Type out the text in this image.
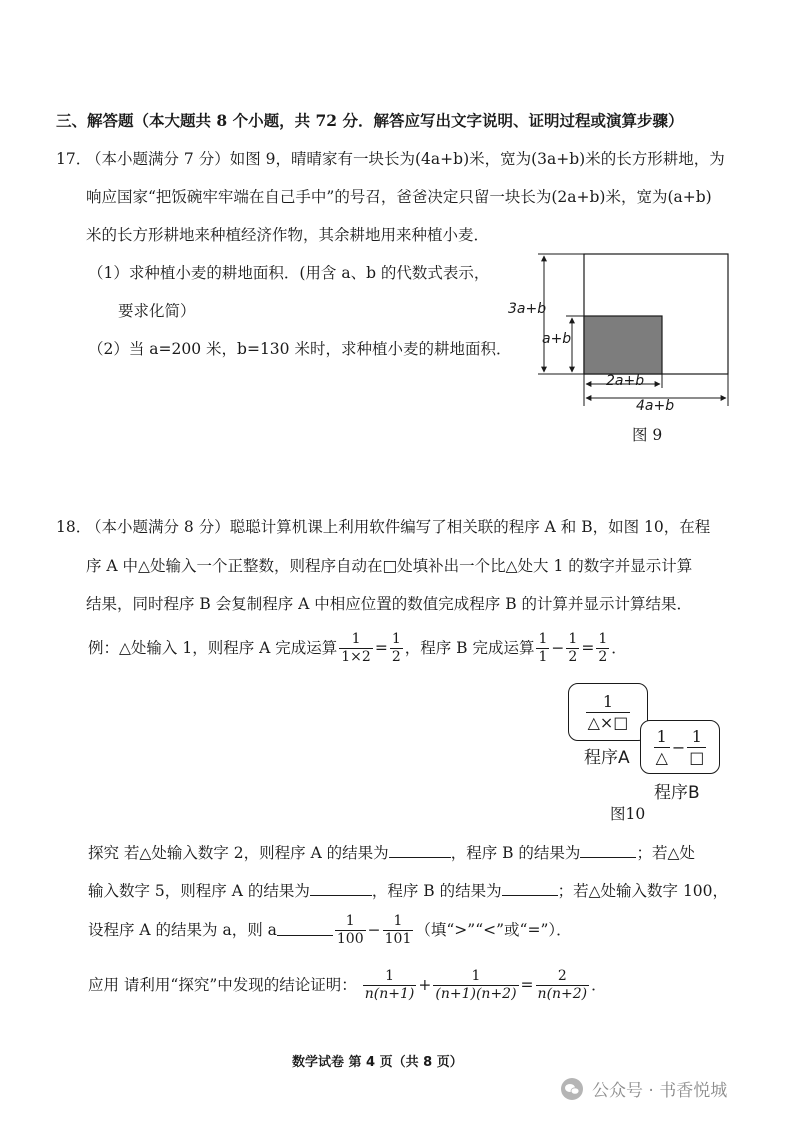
三、解答题（本大题共 8 个小题，共 72 分．解答应写出文字说明、证明过程或演算步骤）
17．
（本小题满分 7 分）如图 9，晴晴家有一块长为(4a+b)米，宽为(3a+b)米的长方形耕地，为
响应国家“把饭碗牢牢端在自己手中”的号召，爸爸决定只留一块长为(2a+b)米，宽为(a+b)
米的长方形耕地来种植经济作物，其余耕地用来种植小麦．
（1）求种植小麦的耕地面积．(用含 a、b 的代数式表示，
要求化简）
（2）当 a=200 米，b=130 米时，求种植小麦的耕地面积．
3a+b
a+b
2a+b
4a+b
图 9
18．
（本小题满分 8 分）聪聪计算机课上利用软件编写了相关联的程序 A 和 B，如图 10，在程
序 A 中△处输入一个正整数，则程序自动在□处填补出一个比△处大 1 的数字并显示计算
结果，同时程序 B 会复制程序 A 中相应位置的数值完成程序 B 的计算并显示计算结果．
例：△处输入 1，则程序 A 完成运算 $\frac{1}{1\times 2} = \frac{1}{2}$ ，程序 B 完成运算 $\frac{1}{1} - \frac{1}{2} = \frac{1}{2}$ ．
$\frac{1}{\triangle\times□}$
$\frac{1}{\triangle} - \frac{1}{□}$
程序A
程序B
图10
探究 若△处输入数字 2，则程序 A 的结果为	，程序 B 的结果为	；若△处
输入数字 5，则程序 A 的结果为	，程序 B 的结果为	；若△处输入数字 100，
设程序 A 的结果为 a，则 a	$\frac{1}{100} - \frac{1}{101}$ （填“>”“<”或“=”）．
应用 请利用“探究”中发现的结论证明： $\frac{1}{n(n+1)} + \frac{1}{(n+1)(n+2)} = \frac{2}{n(n+2)}$ ．
数学试卷 第 4 页（共 8 页）
公众号 · 书香悦城
